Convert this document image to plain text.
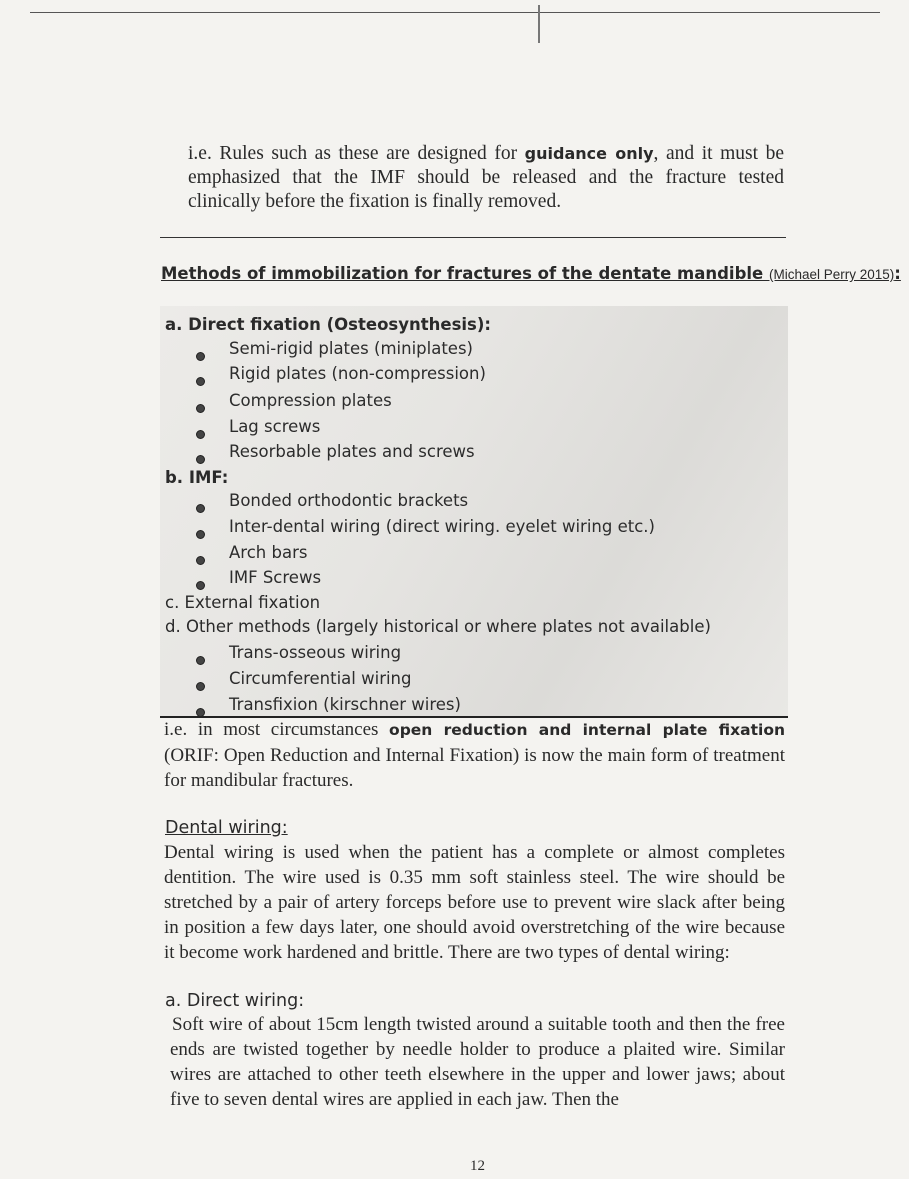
i.e. Rules such as these are designed for guidance only, and it must be emphasized that the IMF should be released and the fracture tested clinically before the fixation is finally removed.

Methods of immobilization for fractures of the dentate mandible (Michael Perry 2015):
a. Direct fixation (Osteosynthesis):
Semi-rigid plates (miniplates)
Rigid plates (non-compression)
Compression plates
Lag screws
Resorbable plates and screws
b. IMF:
Bonded orthodontic brackets
Inter-dental wiring (direct wiring. eyelet wiring etc.)
Arch bars
IMF Screws
c. External fixation
d. Other methods (largely historical or where plates not available)
Trans-osseous wiring
Circumferential wiring
Transfixion (kirschner wires)

i.e. in most circumstances open reduction and internal plate fixation (ORIF: Open Reduction and Internal Fixation) is now the main form of treatment for mandibular fractures.

Dental wiring:

Dental wiring is used when the patient has a complete or almost completes dentition. The wire used is 0.35 mm soft stainless steel. The wire should be stretched by a pair of artery forceps before use to prevent wire slack after being in position a few days later, one should avoid overstretching of the wire because it become work hardened and brittle. There are two types of dental wiring:

a. Direct wiring:

Soft wire of about 15cm length twisted around a suitable tooth and then the free ends are twisted together by needle holder to produce a plaited wire. Similar wires are attached to other teeth elsewhere in the upper and lower jaws; about five to seven dental wires are applied in each jaw. Then the

12
